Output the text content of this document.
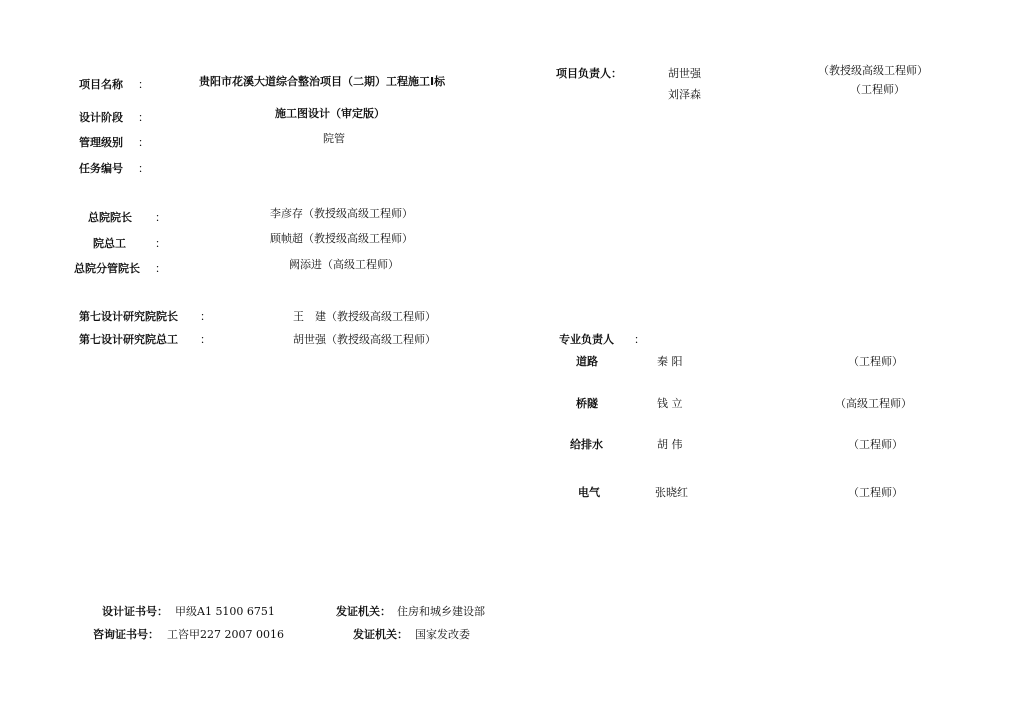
项目名称 ：	贵阳市花溪大道综合整治项目（二期）工程施工I标
设计阶段 ：	施工图设计（审定版）
管理级别 ：	院管
任务编号 ：
总院院长 ：	李彦存（教授级高级工程师）
院总工	：	顾帧超（教授级高级工程师）
总院分管院长 ：	阙添进（高级工程师）
第七设计研究院院长 ：	王　建（教授级高级工程师）
第七设计研究院总工 ：	胡世强（教授级高级工程师）
项目负责人：	胡世强	（教授级高级工程师）
刘泽森	（工程师）
专业负责人 ：
道路	秦 阳	（工程师）
桥隧	钱 立	（高级工程师）
给排水	胡 伟	（工程师）
电气	张晓红	（工程师）
设计证书号： 甲级A1 5100 6751	发证机关： 住房和城乡建设部
咨询证书号： 工咨甲227 2007 0016	发证机关： 国家发改委
